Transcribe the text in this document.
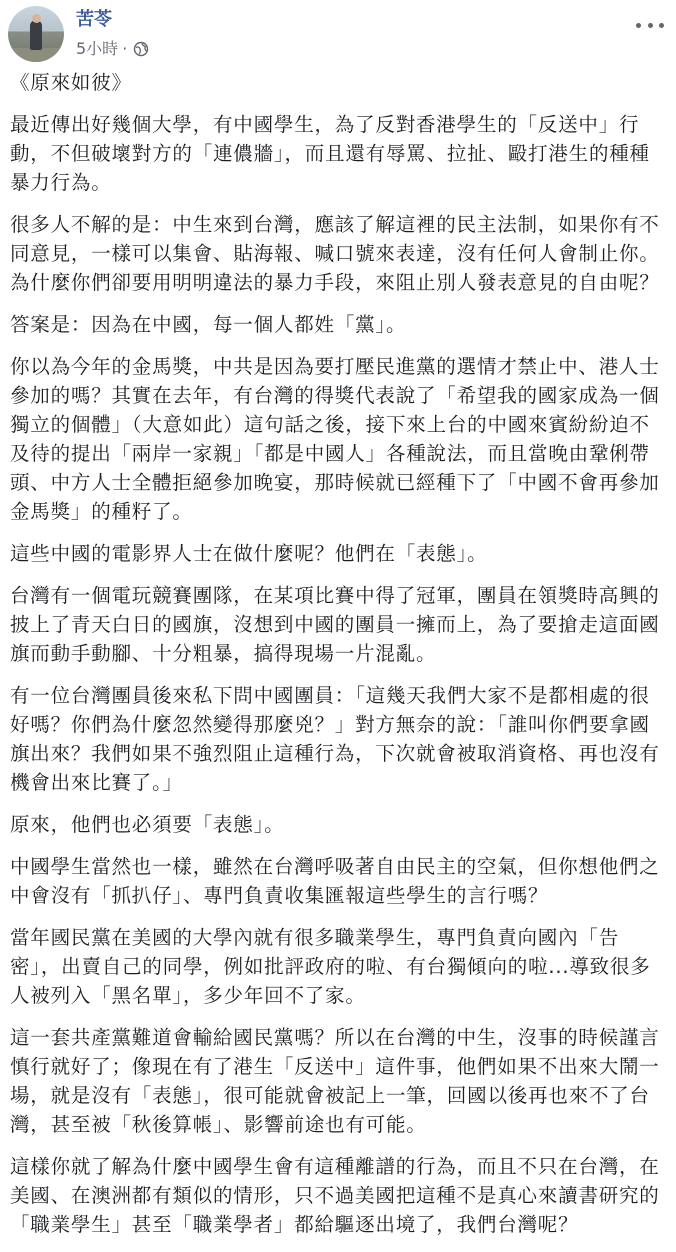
苦苓
5小時 ·

《原來如彼》

最近傳出好幾個大學，有中國學生，為了反對香港學生的「反送中」行
動，不但破壞對方的「連儂牆」，而且還有辱罵、拉扯、毆打港生的種種
暴力行為。

很多人不解的是：中生來到台灣，應該了解這裡的民主法制，如果你有不
同意見，一樣可以集會、貼海報、喊口號來表達，沒有任何人會制止你。
為什麼你們卻要用明明違法的暴力手段，來阻止別人發表意見的自由呢？

答案是：因為在中國，每一個人都姓「黨」。

你以為今年的金馬獎，中共是因為要打壓民進黨的選情才禁止中、港人士
參加的嗎？其實在去年，有台灣的得獎代表說了「希望我的國家成為一個
獨立的個體」（大意如此）這句話之後，接下來上台的中國來賓紛紛迫不
及待的提出「兩岸一家親」「都是中國人」各種說法，而且當晚由鞏俐帶
頭、中方人士全體拒絕參加晚宴，那時候就已經種下了「中國不會再參加
金馬獎」的種籽了。

這些中國的電影界人士在做什麼呢？他們在「表態」。

台灣有一個電玩競賽團隊，在某項比賽中得了冠軍，團員在領獎時高興的
披上了青天白日的國旗，沒想到中國的團員一擁而上，為了要搶走這面國
旗而動手動腳、十分粗暴，搞得現場一片混亂。

有一位台灣團員後來私下問中國團員：「這幾天我們大家不是都相處的很
好嗎？你們為什麼忽然變得那麼兇？」對方無奈的說：「誰叫你們要拿國
旗出來？我們如果不強烈阻止這種行為，下次就會被取消資格、再也沒有
機會出來比賽了。」

原來，他們也必須要「表態」。

中國學生當然也一樣，雖然在台灣呼吸著自由民主的空氣，但你想他們之
中會沒有「抓扒仔」、專門負責收集匯報這些學生的言行嗎？

當年國民黨在美國的大學內就有很多職業學生，專門負責向國內「告
密」，出賣自己的同學，例如批評政府的啦、有台獨傾向的啦...導致很多
人被列入「黑名單」，多少年回不了家。

這一套共產黨難道會輸給國民黨嗎？所以在台灣的中生，沒事的時候謹言
慎行就好了；像現在有了港生「反送中」這件事，他們如果不出來大鬧一
場，就是沒有「表態」，很可能就會被記上一筆，回國以後再也來不了台
灣，甚至被「秋後算帳」、影響前途也有可能。

這樣你就了解為什麼中國學生會有這種離譜的行為，而且不只在台灣，在
美國、在澳洲都有類似的情形，只不過美國把這種不是真心來讀書研究的
「職業學生」甚至「職業學者」都給驅逐出境了，我們台灣呢？
